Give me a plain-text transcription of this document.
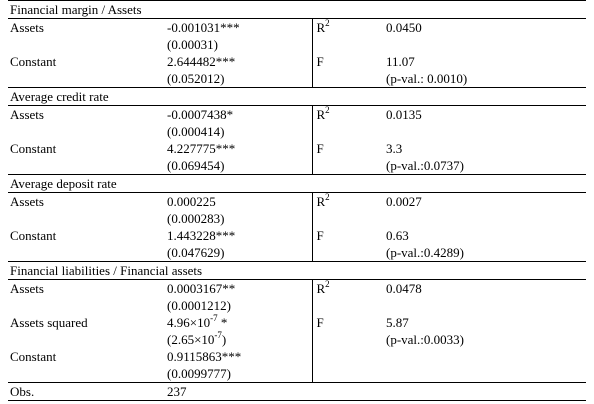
Financial margin / Assets			
Assets	-0.001031***	$R^2$	0.0450
	(0.00031)		
Constant	2.644482***	F	11.07
	(0.052012)		(p-val.: 0.0010)
Average credit rate			
Assets	-0.0007438*	$R^2$	0.0135
	(0.000414)		
Constant	4.227775***	F	3.3
	(0.069454)		(p-val.:0.0737)
Average deposit rate			
Assets	0.000225	$R^2$	0.0027
	(0.000283)		
Constant	1.443228***	F	0.63
	(0.047629)		(p-val.:0.4289)
Financial liabilities / Financial assets			
Assets	0.0003167**	$R^2$	0.0478
	(0.0001212)		
Assets squared	$4.96\times 10^{-7}$ *	F	5.87
	$(2.65\times 10^{-7})$		(p-val.:0.0033)
Constant	0.9115863***		
	(0.0099777)		
Obs.	237		
